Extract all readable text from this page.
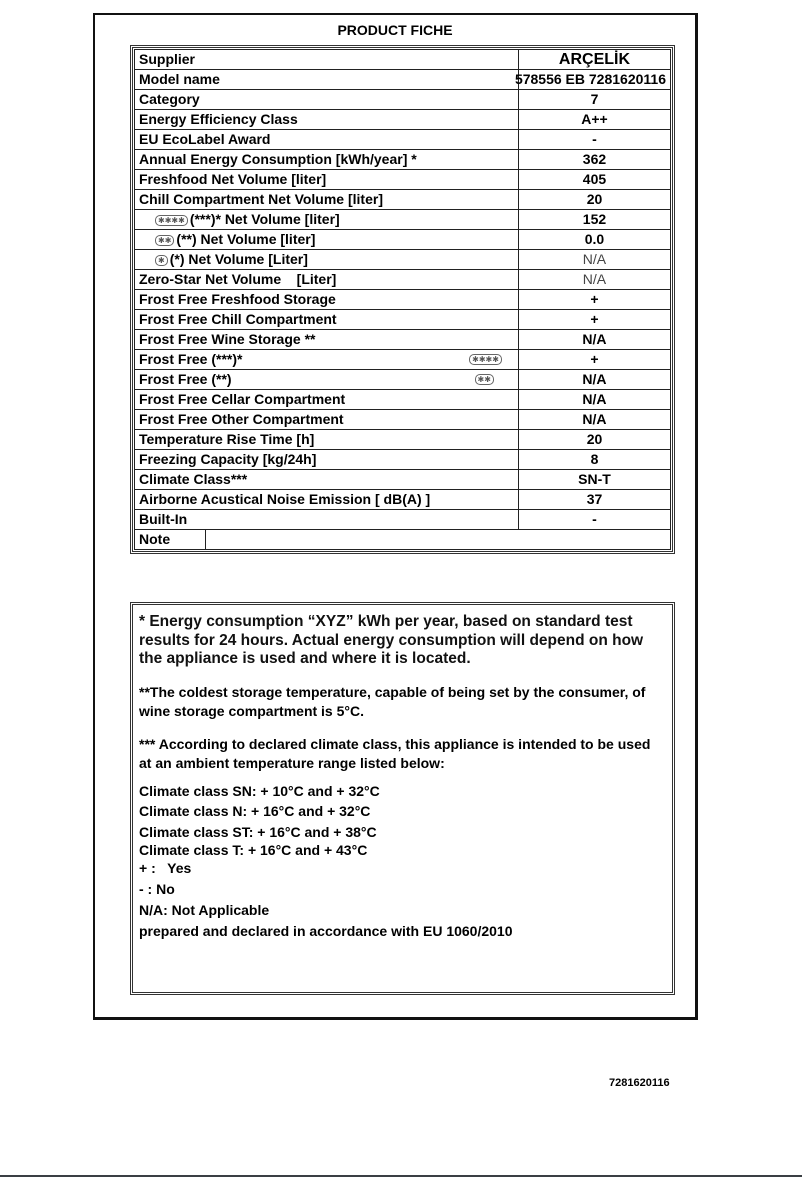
PRODUCT FICHE
Supplier	ARÇELİK
Model name	578556 EB 7281620116
Category	7
Energy Efficiency Class	A++
EU EcoLabel Award	-
Annual Energy Consumption [kWh/year] *	362
Freshfood Net Volume [liter]	405
Chill Compartment Net Volume [liter]	20
✱✱✱✱ (***)* Net Volume [liter]	152
✱✱ (**) Net Volume [liter]	0.0
✱ (*) Net Volume [Liter]	N/A
Zero-Star Net Volume    [Liter]	N/A
Frost Free Freshfood Storage	+
Frost Free Chill Compartment	+
Frost Free Wine Storage **	N/A
Frost Free (***)*	✱✱✱✱	+
Frost Free (**)	✱✱	N/A
Frost Free Cellar Compartment	N/A
Frost Free Other Compartment	N/A
Temperature Rise Time [h]	20
Freezing Capacity [kg/24h]	8
Climate Class***	SN-T
Airborne Acustical Noise Emission [ dB(A) ]	37
Built-In	-

Note	

* Energy consumption “XYZ” kWh per year, based on standard test results for 24 hours. Actual energy consumption will depend on how the appliance is used and where it is located.

**The coldest storage temperature, capable of being set by the consumer, of wine storage compartment is 5°C.

*** According to declared climate class, this appliance is intended to be used at an ambient temperature range listed below:

Climate class SN: + 10°C and + 32°C

Climate class N: + 16°C and + 32°C

Climate class ST: + 16°C and + 38°C

Climate class T: + 16°C and + 43°C

+ :   Yes

- : No

N/A: Not Applicable

prepared and declared in accordance with EU 1060/2010

7281620116
